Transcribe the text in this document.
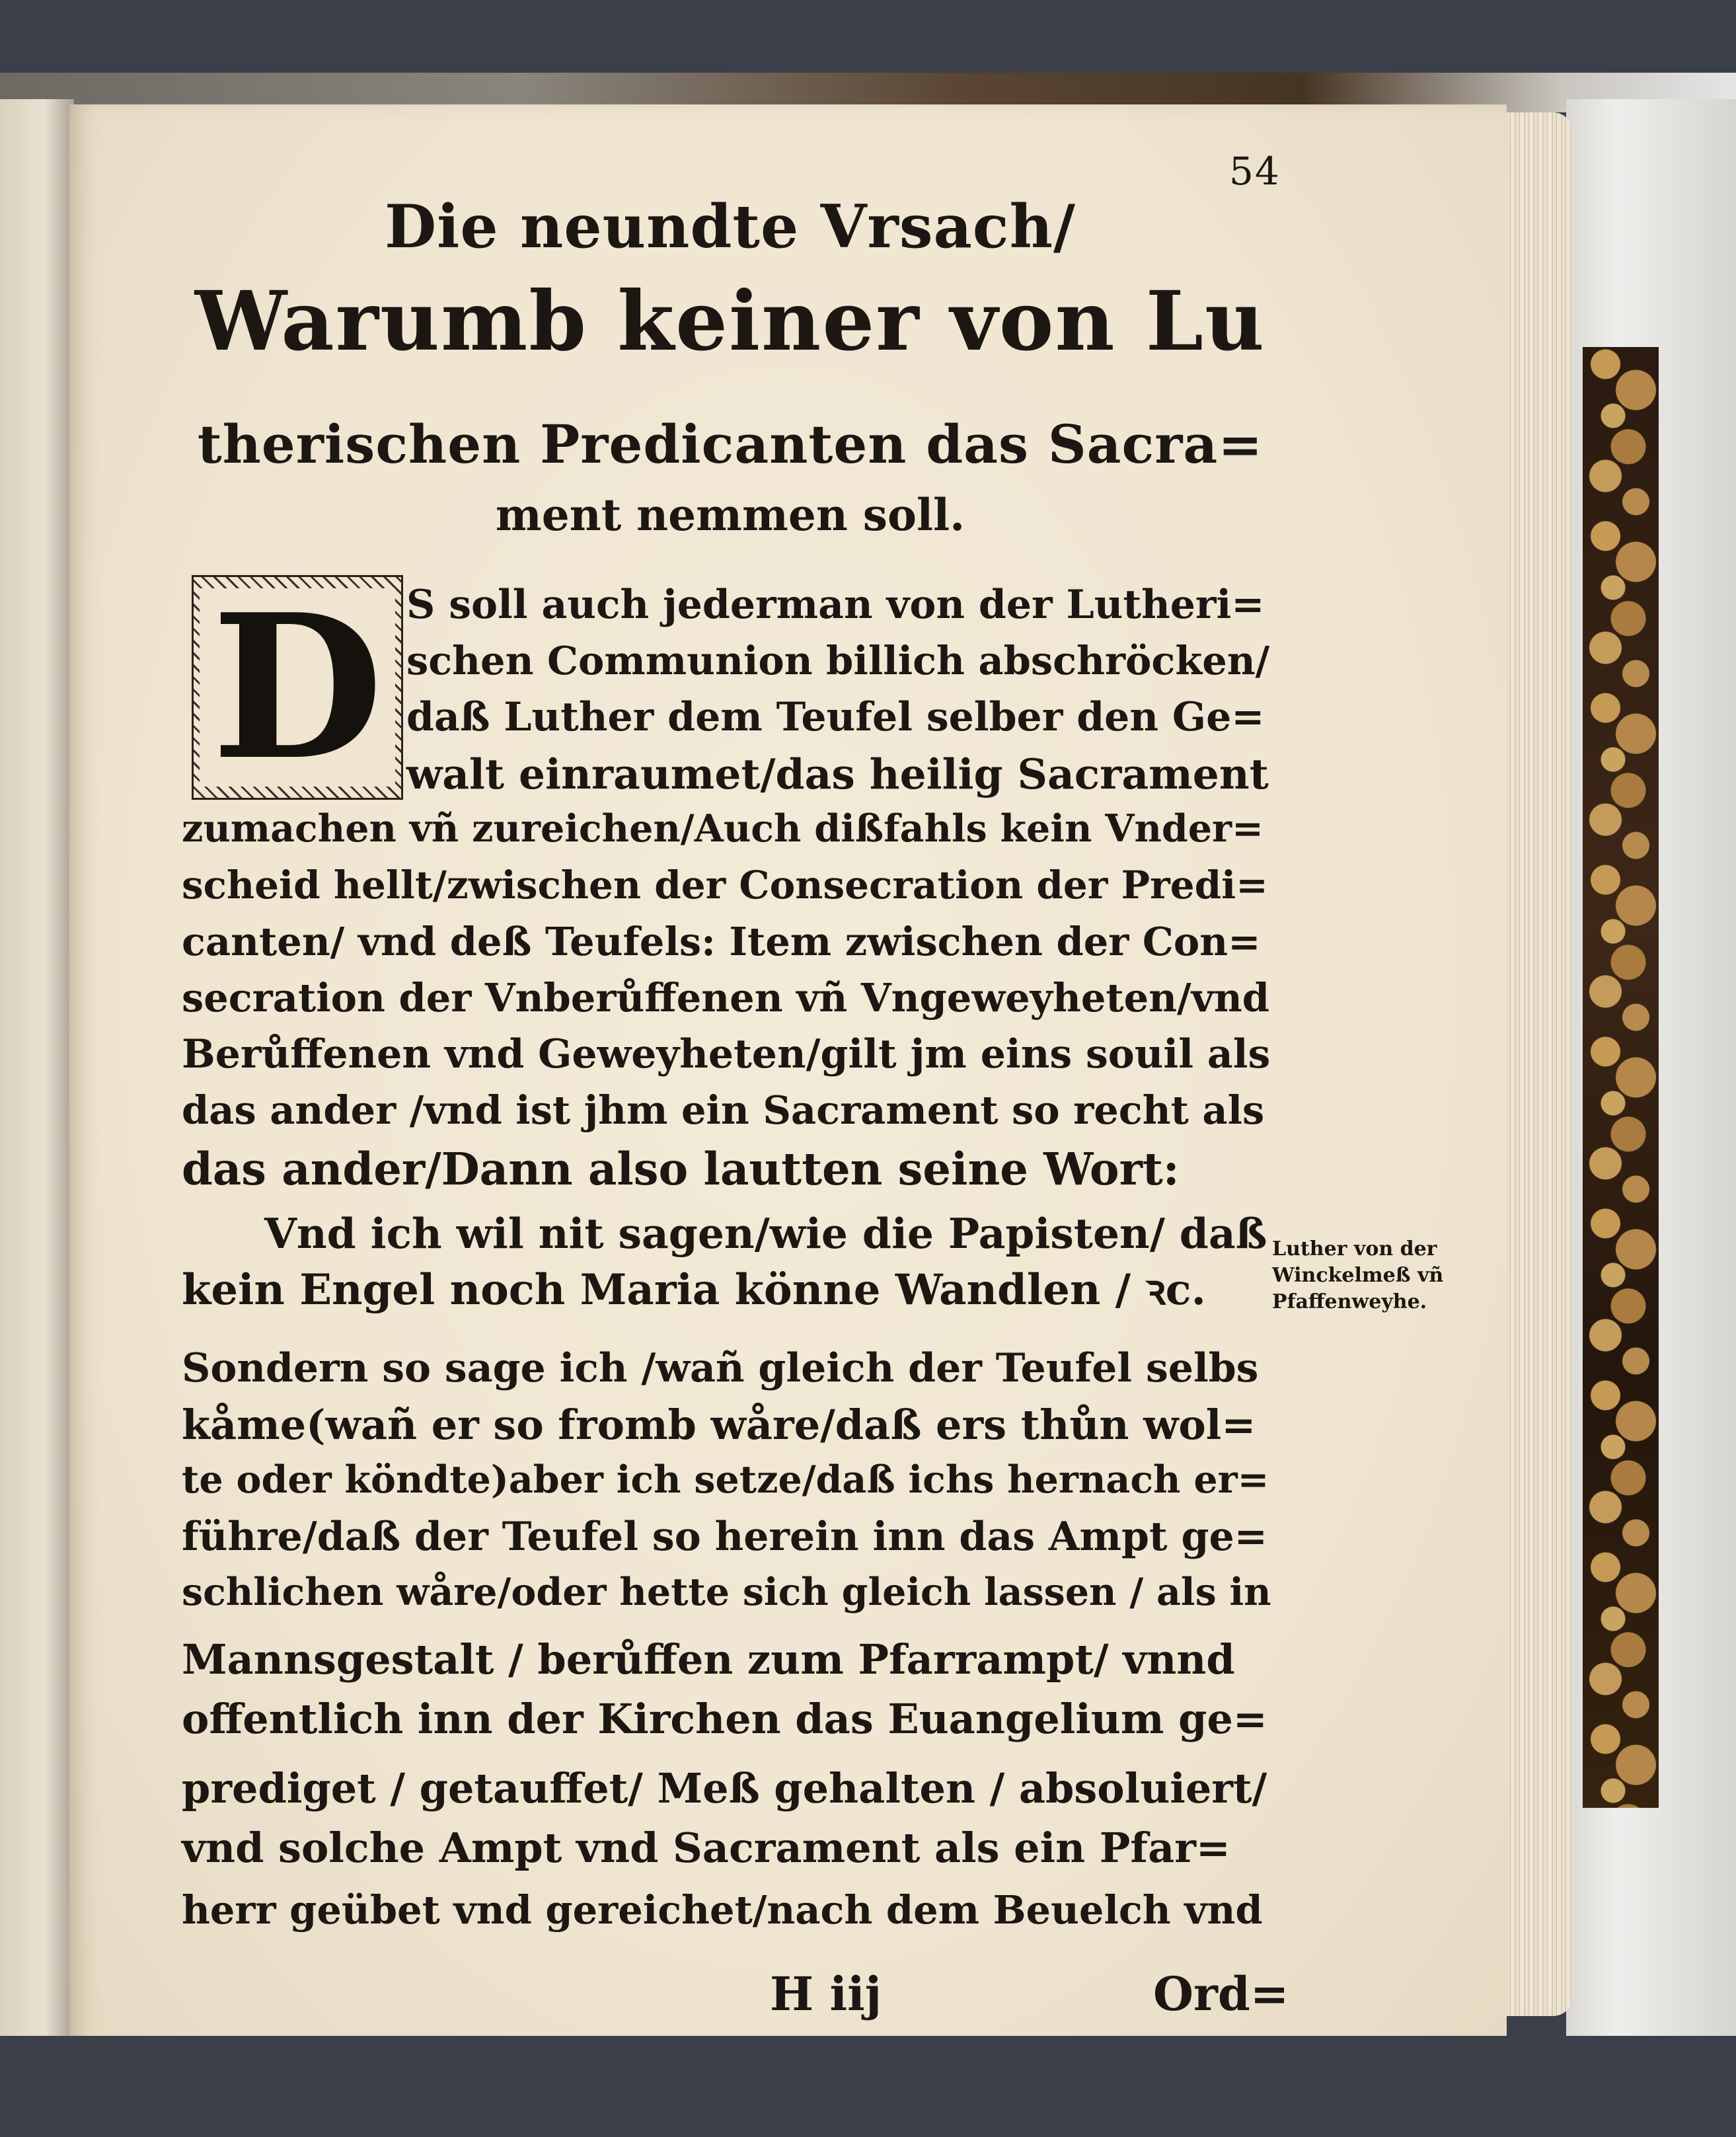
54

Die neundte Vrsach/

Warumb keiner von Lu

therischen Predicanten das Sacra=

ment nemmen soll.

D S soll auch jederman von der Lutheri=

schen Communion billich abschröcken/

daß Luther dem Teufel selber den Ge=

walt einraumet/das heilig Sacrament

zumachen vñ zureichen/Auch dißfahls kein Vnder=

scheid hellt/zwischen der Consecration der Predi=

canten/ vnd deß Teufels: Item zwischen der Con=

secration der Vnberůffenen vñ Vngeweyheten/vnd

Berůffenen vnd Geweyheten/gilt jm eins souil als

das ander /vnd ist jhm ein Sacrament so recht als

das ander/Dann also lautten seine Wort:

Vnd ich wil nit sagen/wie die Papisten/ daß

kein Engel noch Maria könne Wandlen / ꝛc.

Sondern so sage ich /wañ gleich der Teufel selbs

kåme(wañ er so fromb wåre/daß ers thůn wol=

te oder köndte)aber ich setze/daß ichs hernach er=

führe/daß der Teufel so herein inn das Ampt ge=

schlichen wåre/oder hette sich gleich lassen / als in

Mannsgestalt / berůffen zum Pfarrampt/ vnnd

offentlich inn der Kirchen das Euangelium ge=

prediget / getauffet/ Meß gehalten / absoluiert/

vnd solche Ampt vnd Sacrament als ein Pfar=

herr geübet vnd gereichet/nach dem Beuelch vnd

Luther von der
Winckelmeß vñ
Pfaffenweyhe.

H iij	Ord=
